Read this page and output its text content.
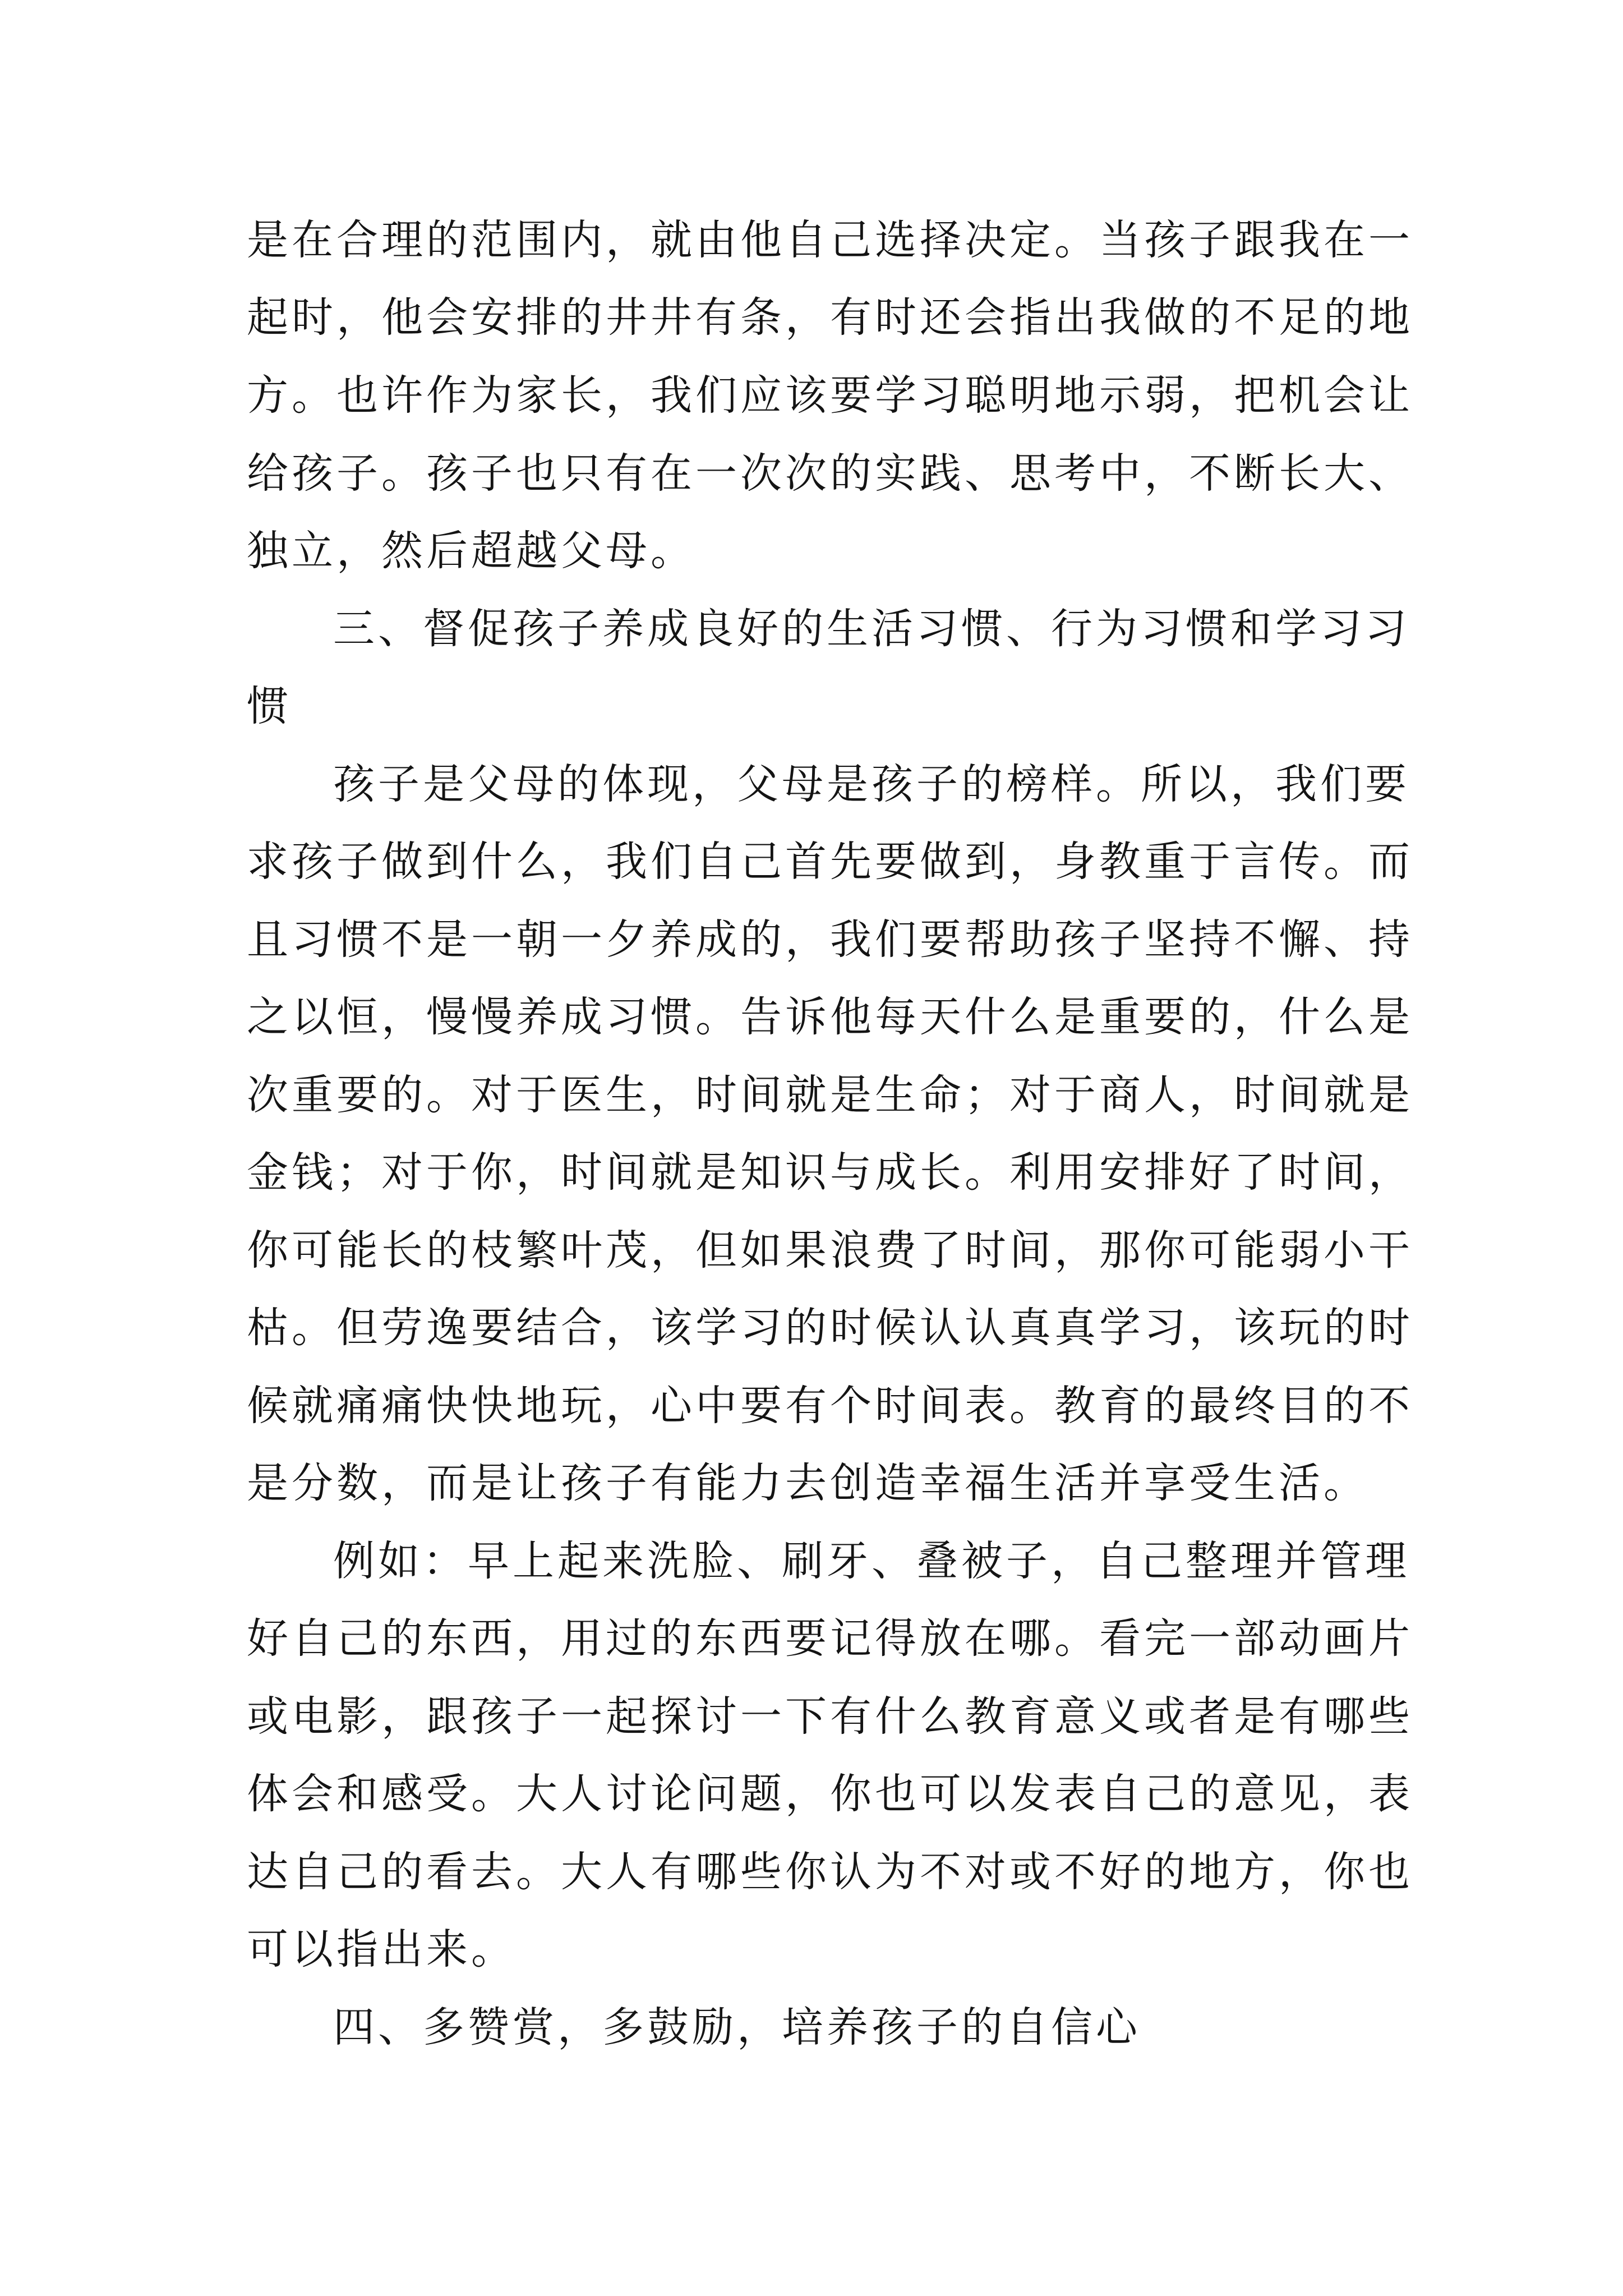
是在合理的范围内，就由他自己选择决定。当孩子跟我在一

起时，他会安排的井井有条，有时还会指出我做的不足的地

方。也许作为家长，我们应该要学习聪明地示弱，把机会让

给孩子。孩子也只有在一次次的实践、思考中，不断长大、

独立，然后超越父母。

三、督促孩子养成良好的生活习惯、行为习惯和学习习

惯

孩子是父母的体现，父母是孩子的榜样。所以，我们要

求孩子做到什么，我们自己首先要做到，身教重于言传。而

且习惯不是一朝一夕养成的，我们要帮助孩子坚持不懈、持

之以恒，慢慢养成习惯。告诉他每天什么是重要的，什么是

次重要的。对于医生，时间就是生命；对于商人，时间就是

金钱；对于你，时间就是知识与成长。利用安排好了时间，

你可能长的枝繁叶茂，但如果浪费了时间，那你可能弱小干

枯。但劳逸要结合，该学习的时候认认真真学习，该玩的时

候就痛痛快快地玩，心中要有个时间表。教育的最终目的不

是分数，而是让孩子有能力去创造幸福生活并享受生活。

例如：早上起来洗脸、刷牙、叠被子，自己整理并管理

好自己的东西，用过的东西要记得放在哪。看完一部动画片

或电影，跟孩子一起探讨一下有什么教育意义或者是有哪些

体会和感受。大人讨论问题，你也可以发表自己的意见，表

达自己的看去。大人有哪些你认为不对或不好的地方，你也

可以指出来。

四、多赞赏，多鼓励，培养孩子的自信心
